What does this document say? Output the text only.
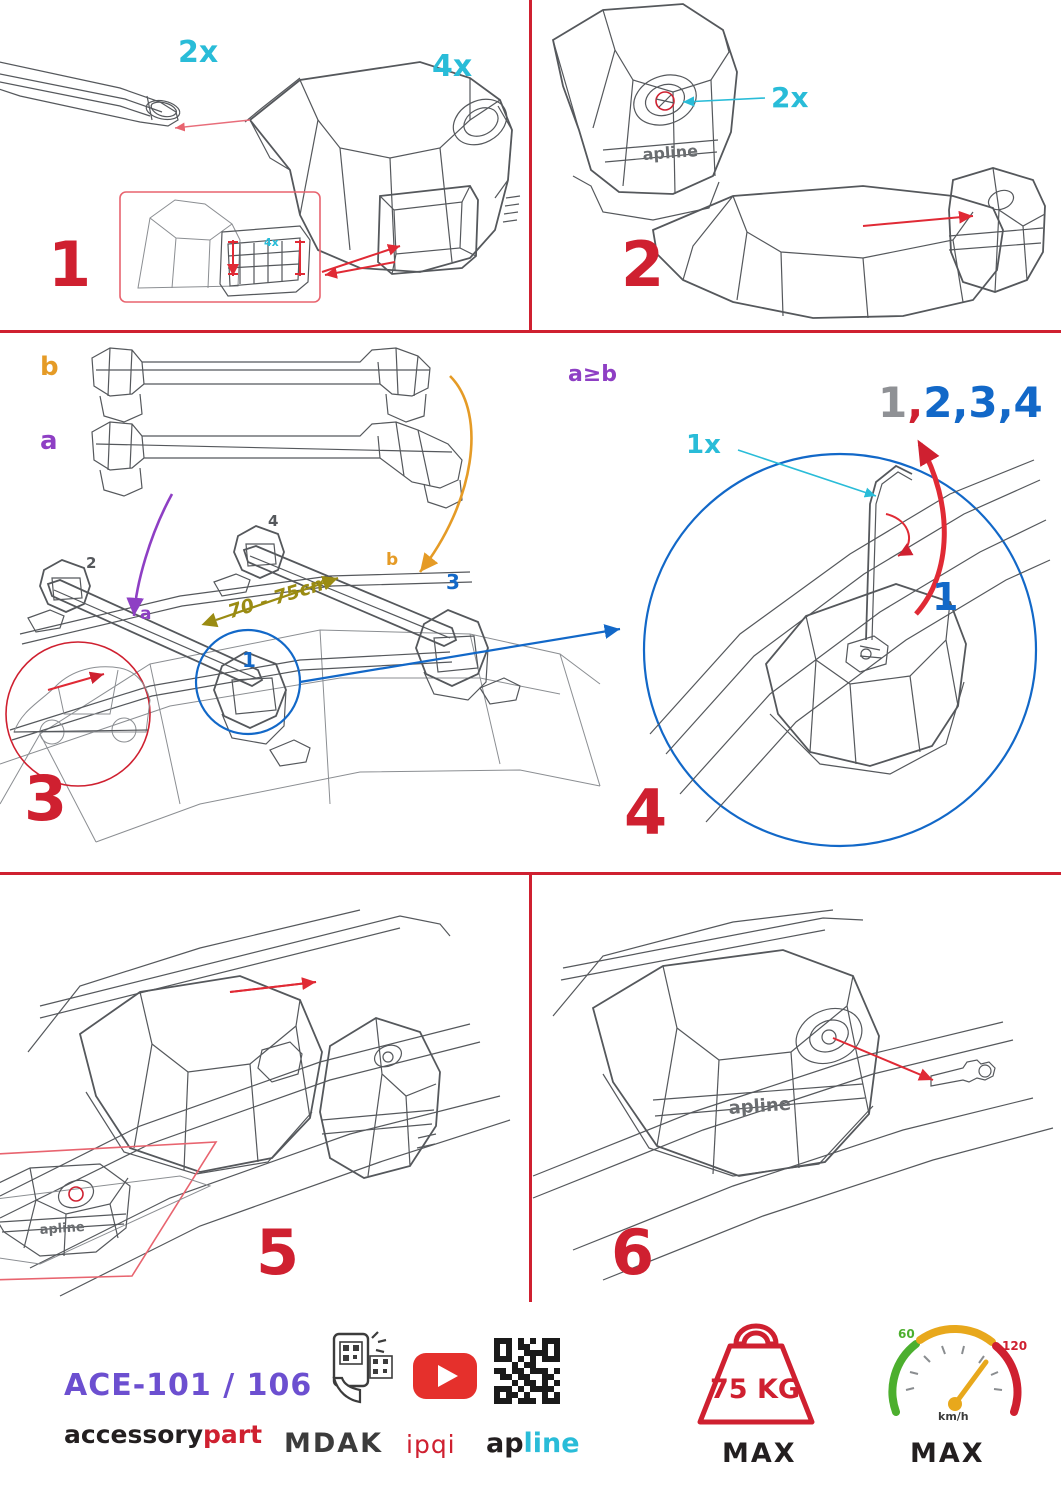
4x
2x	4x
1
apline
2x
2
b
a
a
b
1
2
3
4
70 - 75cm
3
a≥b
1x
1
1,2,3,4
4
apline	5
apline
6
ACE-101 / 106
accessorypart MDAK ipqi apline
75 KG
MAX
60
120
km/h
MAX
